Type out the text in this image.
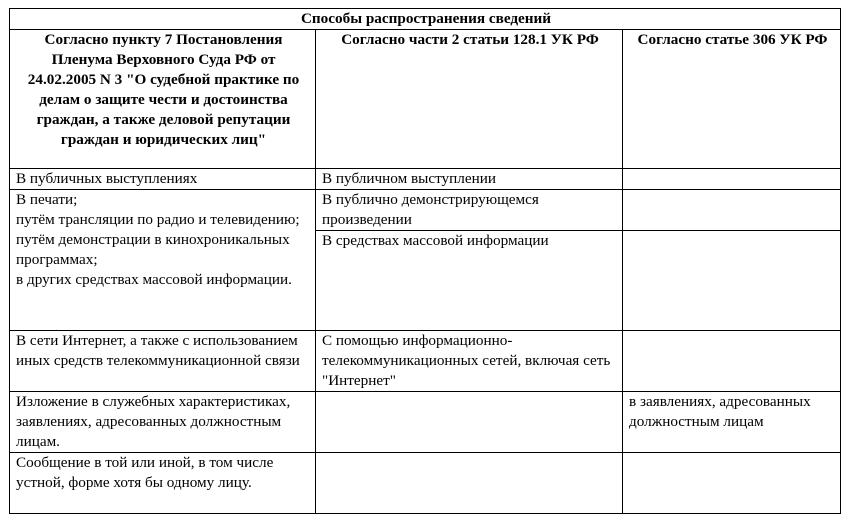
Способы распространения сведений		
Согласно пункту 7 Постановления Пленума Верховного Суда РФ от 24.02.2005 N 3 "О судебной практике по делам о защите чести и достоинства граждан, а также деловой репутации граждан и юридических лиц"	Согласно части 2 статьи 128.1 УК РФ	Согласно статье 306 УК РФ
В публичных выступлениях	В публичном выступлении	

В печати;
путём трансляции по радио и телевидению;
путём демонстрации в кинохроникальных программах;
в других средствах массовой информации.	В публично демонстрирующемся произведении	
	В средствах массовой информации	
В сети Интернет, а также с использованием иных средств телекоммуникационной связи	С помощью информационно-телекоммуникационных сетей, включая сеть "Интернет"	
Изложение в служебных характеристиках, заявлениях, адресованных должностным лицам.		в заявлениях, адресованных должностным лицам
Сообщение в той или иной, в том числе устной, форме хотя бы одному лицу.		
